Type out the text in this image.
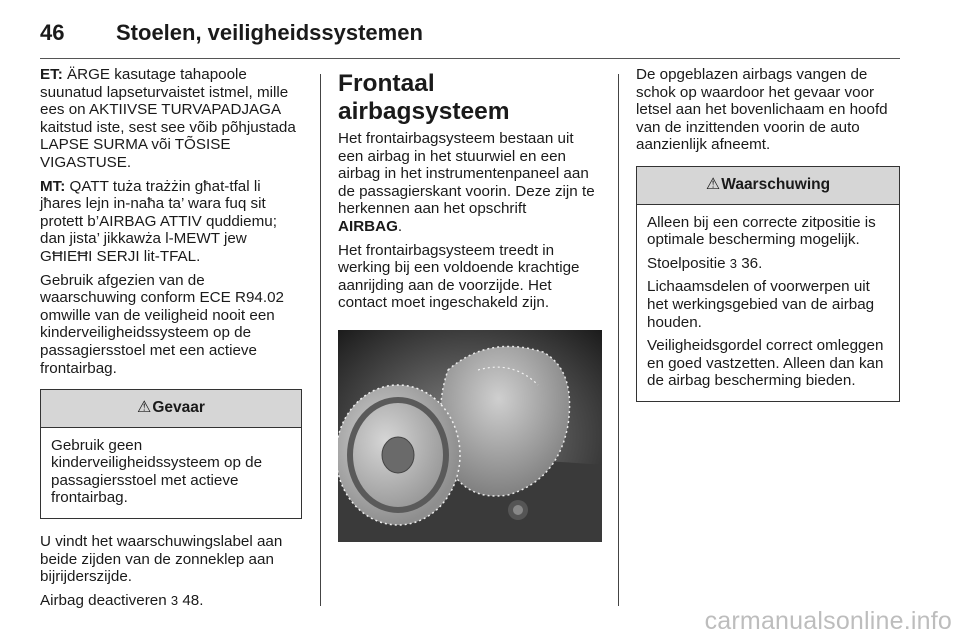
46 Stoelen, veiligheidssystemen

ET: ÄRGE kasutage tahapoole suunatud lapseturvaistet istmel, mille ees on AKTIIVSE TURVAPADJAGA kaitstud iste, sest see võib põhjustada LAPSE SURMA või TÕSISE VIGASTUSE.

MT: QATT tuża trażżin għat-tfal li jħares lejn in-naħa ta’ wara fuq sit protett b’AIRBAG ATTIV quddiemu; dan jista’ jikkawża l-MEWT jew GĦIEĦI SERJI lit-TFAL.

Gebruik afgezien van de waarschuwing conform ECE R94.02 omwille van de veiligheid nooit een kinderveiligheidssysteem op de passagiersstoel met een actieve frontairbag.

⚠Gevaar

Gebruik geen kinderveiligheidssysteem op de passagiersstoel met actieve frontairbag.

U vindt het waarschuwingslabel aan beide zijden van de zonneklep aan bijrijderszijde.

Airbag deactiveren 3 48.

Frontaal airbagsysteem

Het frontairbagsysteem bestaan uit een airbag in het stuurwiel en een airbag in het instrumentenpaneel aan de passagierskant voorin. Deze zijn te herkennen aan het opschrift
AIRBAG.

Het frontairbagsysteem treedt in werking bij een voldoende krachtige aanrijding aan de voorzijde. Het contact moet ingeschakeld zijn.

De opgeblazen airbags vangen de schok op waardoor het gevaar voor letsel aan het bovenlichaam en hoofd van de inzittenden voorin de auto aanzienlijk afneemt.

⚠Waarschuwing

Alleen bij een correcte zitpositie is optimale bescherming mogelijk.

Stoelpositie 3 36.

Lichaamsdelen of voorwerpen uit het werkingsgebied van de airbag houden.

Veiligheidsgordel correct omleggen en goed vastzetten. Alleen dan kan de airbag bescherming bieden.

carmanualsonline.info
